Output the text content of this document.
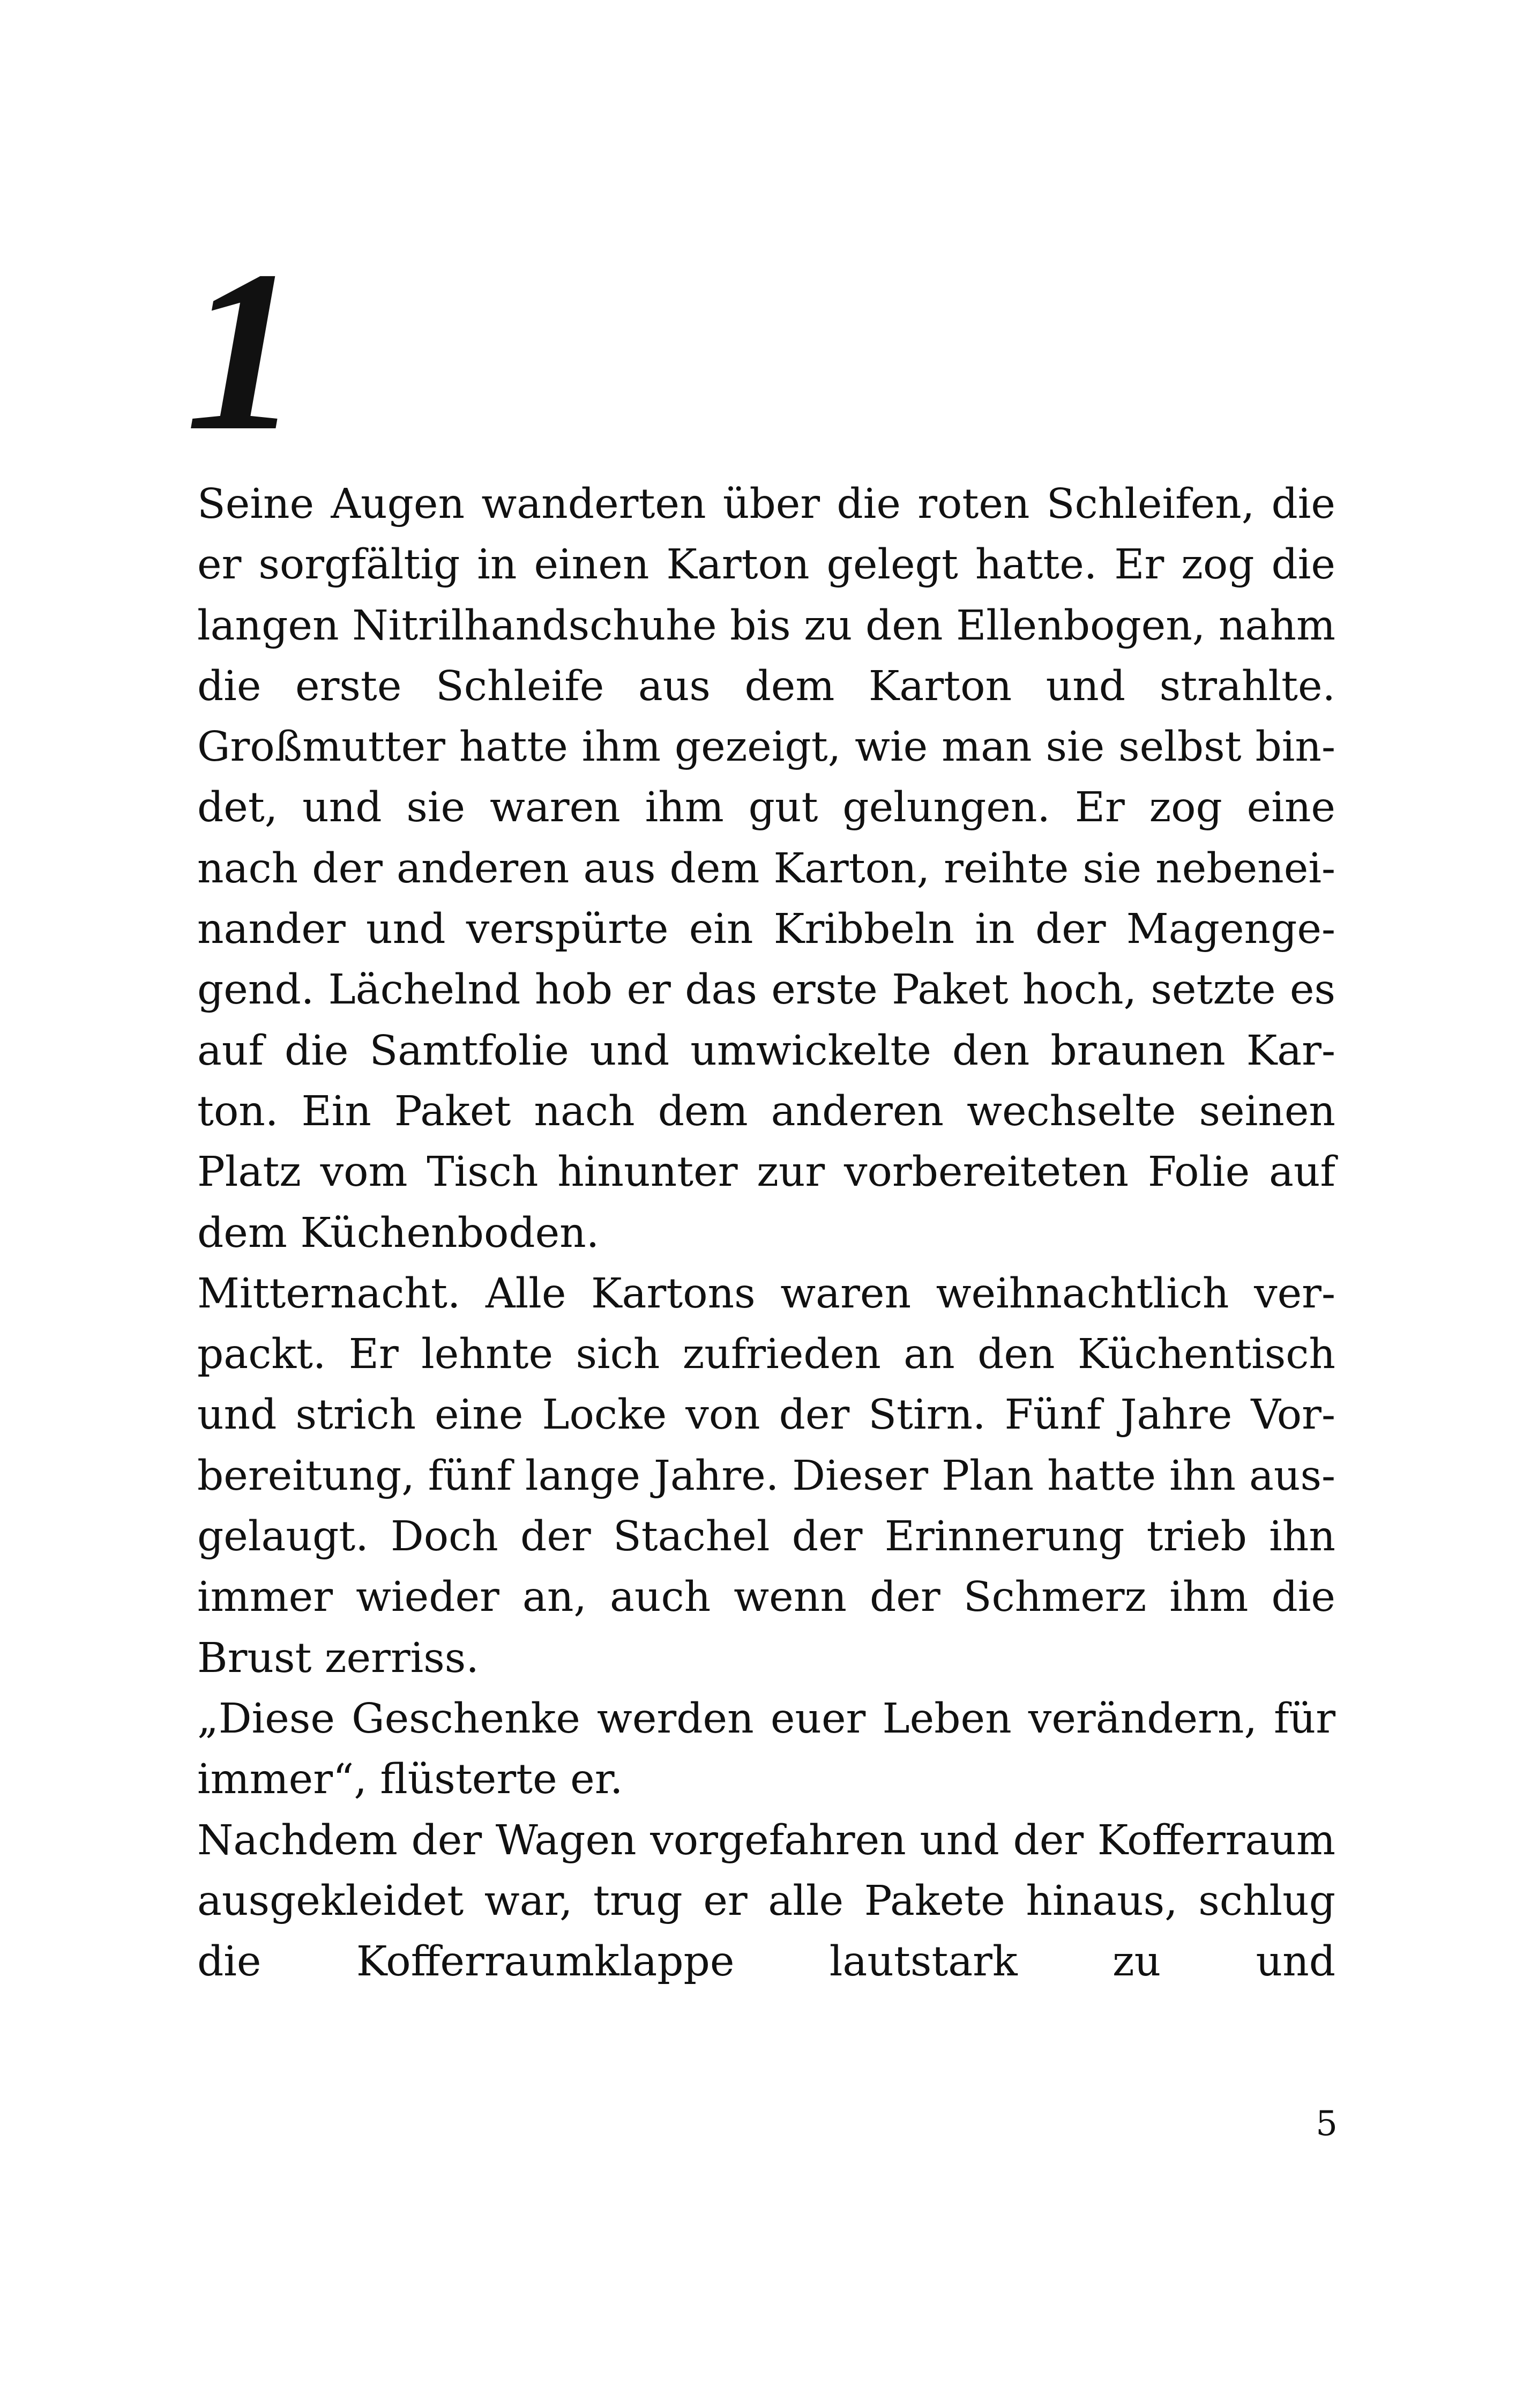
1

Seine Augen wanderten über die roten Schleifen, die er sorgfältig in einen Karton gelegt hatte. Er zog die langen Nitrilhandschuhe bis zu den Ellenbogen, nahm die erste Schleife aus dem Karton und strahlte. Großmutter hatte ihm gezeigt, wie man sie selbst bindet, und sie waren ihm gut gelungen. Er zog eine nach der anderen aus dem Karton, reihte sie nebeneinander und verspürte ein Kribbeln in der Magengegend. Lächelnd hob er das erste Paket hoch, setzte es auf die Samtfolie und umwickelte den braunen Karton. Ein Paket nach dem anderen wechselte seinen Platz vom Tisch hinunter zur vorbereiteten Folie auf dem Küchenboden.

Mitternacht. Alle Kartons waren weihnachtlich verpackt. Er lehnte sich zufrieden an den Küchentisch und strich eine Locke von der Stirn. Fünf Jahre Vorbereitung, fünf lange Jahre. Dieser Plan hatte ihn ausgelaugt. Doch der Stachel der Erinnerung trieb ihn immer wieder an, auch wenn der Schmerz ihm die Brust zerriss.

„Diese Geschenke werden euer Leben verändern, für immer“, flüsterte er.

Nachdem der Wagen vorgefahren und der Kofferraum ausgekleidet war, trug er alle Pakete hinaus, schlug die Kofferraumklappe lautstark zu und

5
